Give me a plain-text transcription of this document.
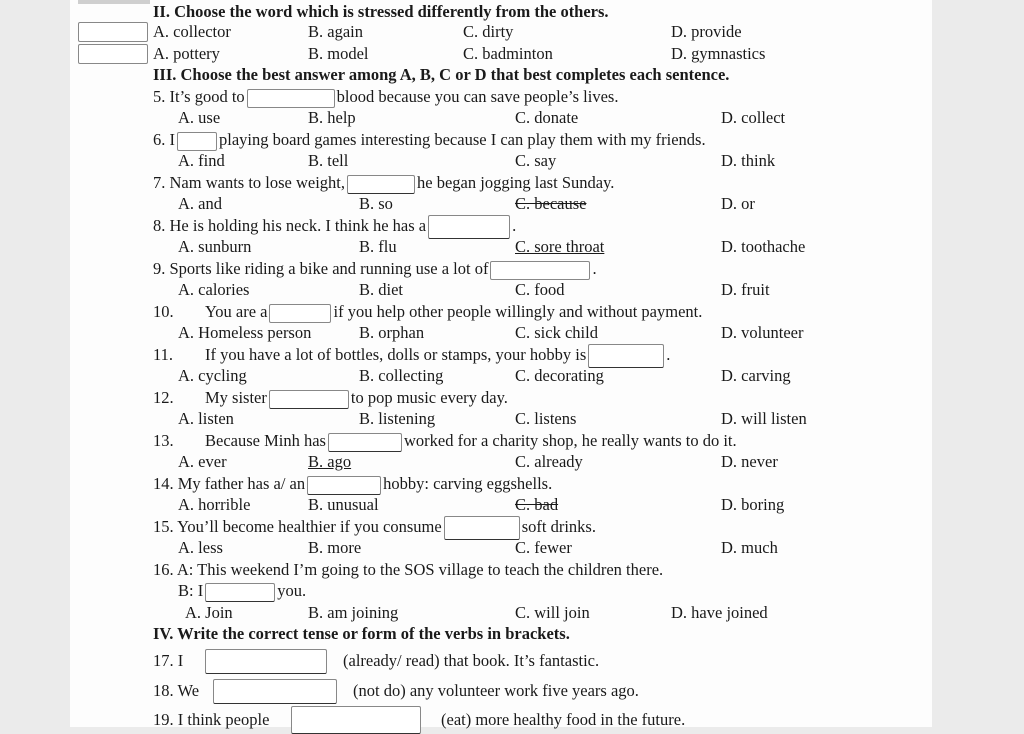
II. Choose the word which is stressed differently from the others.
A. collector	B. again	C. dirty	D. provide
A. pottery	B. model	C. badminton	D. gymnastics
III. Choose the best answer among A, B, C or D that best completes each sentence.
5. It’s good to	blood because you can save people’s lives.
A. use	B. help	C. donate	D. collect
6. I	playing board games interesting because I can play them with my friends.
A. find	B. tell	C. say	D. think
7. Nam wants to lose weight,	he began jogging last Sunday.
A. and	B. so	C. because	D. or
8. He is holding his neck. I think he has a	.
A. sunburn	B. flu	C. sore throat	D. toothache
9. Sports like riding a bike and running use a lot of	.
A. calories	B. diet	C. food	D. fruit
10. You are a	if you help other people willingly and without payment.
A. Homeless person	B. orphan	C. sick child	D. volunteer
11. If you have a lot of bottles, dolls or stamps, your hobby is	.
A. cycling	B. collecting	C. decorating	D. carving
12. My sister	to pop music every day.
A. listen	B. listening	C. listens	D. will listen
13. Because Minh has	worked for a charity shop, he really wants to do it.
A. ever	B. ago	C. already	D. never
14. My father has a/ an	hobby: carving eggshells.
A. horrible	B. unusual	C. bad	D. boring
15. You’ll become healthier if you consume	soft drinks.
A. less	B. more	C. fewer	D. much
16. A: This weekend I’m going to the SOS village to teach the children there.
B: I	you.
A. Join	B. am joining	C. will join	D. have joined
IV. Write the correct tense or form of the verbs in brackets.
17. I	(already/ read) that book. It’s fantastic.
18. We	(not do) any volunteer work five years ago.
19. I think people	(eat) more healthy food in the future.
